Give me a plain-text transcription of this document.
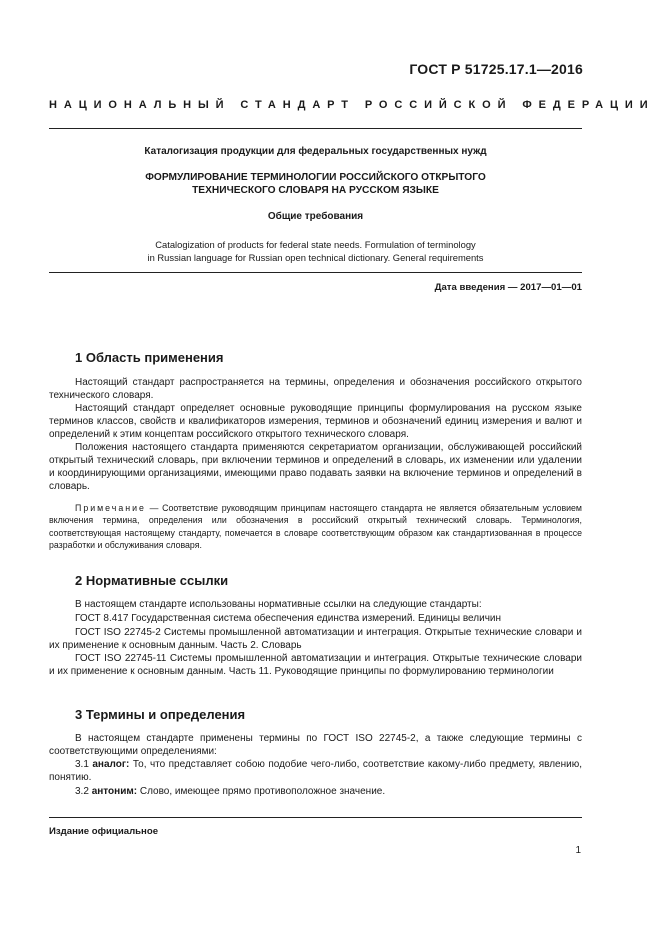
ГОСТ Р 51725.17.1—2016
НАЦИОНАЛЬНЫЙ СТАНДАРТ РОССИЙСКОЙ ФЕДЕРАЦИИ
Каталогизация продукции для федеральных государственных нужд
ФОРМУЛИРОВАНИЕ ТЕРМИНОЛОГИИ РОССИЙСКОГО ОТКРЫТОГО
ТЕХНИЧЕСКОГО СЛОВАРЯ НА РУССКОМ ЯЗЫКЕ
Общие требования
Catalogization of products for federal state needs. Formulation of terminology
in Russian language for Russian open technical dictionary. General requirements
Дата введения — 2017—01—01
1 Область применения
Настоящий стандарт распространяется на термины, определения и обозначения российского открытого технического словаря.
Настоящий стандарт определяет основные руководящие принципы формулирования на русском языке терминов классов, свойств и квалификаторов измерения, терминов и обозначений единиц измерения и валют и определений к этим концептам российского открытого технического словаря.
Положения настоящего стандарта применяются секретариатом организации, обслуживающей российский открытый технический словарь, при включении терминов и определений в словарь, их изменении или удалении и координирующими организациями, имеющими право подавать заявки на включение терминов и определений в словарь.
Примечание — Соответствие руководящим принципам настоящего стандарта не является обязательным условием включения термина, определения или обозначения в российский открытый технический словарь. Терминология, соответствующая настоящему стандарту, помечается в словаре соответствующим образом как стандартизованная в процессе разработки и обслуживания словаря.
2 Нормативные ссылки
В настоящем стандарте использованы нормативные ссылки на следующие стандарты:
ГОСТ 8.417 Государственная система обеспечения единства измерений. Единицы величин
ГОСТ ISO 22745-2 Системы промышленной автоматизации и интеграция. Открытые технические словари и их применение к основным данным. Часть 2. Словарь
ГОСТ ISO 22745-11 Системы промышленной автоматизации и интеграция. Открытые технические словари и их применение к основным данным. Часть 11. Руководящие принципы по формулированию терминологии
3 Термины и определения
В настоящем стандарте применены термины по ГОСТ ISO 22745-2, а также следующие термины с соответствующими определениями:
3.1 аналог: То, что представляет собою подобие чего-либо, соответствие какому-либо предмету, явлению, понятию.
3.2 антоним: Слово, имеющее прямо противоположное значение.
Издание официальное
1
